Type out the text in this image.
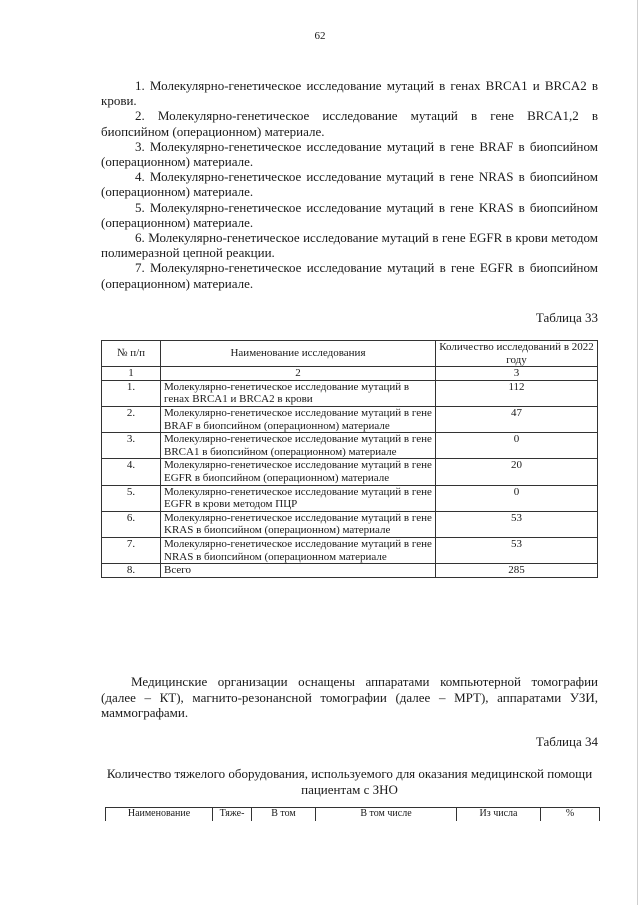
62

1. Молекулярно-генетическое исследование мутаций в генах BRCA1 и BRCA2 в крови.

2. Молекулярно-генетическое исследование мутаций в гене BRCA1,2 в биопсийном (операционном) материале.

3. Молекулярно-генетическое исследование мутаций в гене BRAF в биопсийном (операционном) материале.

4. Молекулярно-генетическое исследование мутаций в гене NRAS в биопсийном (операционном) материале.

5. Молекулярно-генетическое исследование мутаций в гене KRAS в биопсийном (операционном) материале.

6. Молекулярно-генетическое исследование мутаций в гене EGFR в крови методом полимеразной цепной реакции.

7. Молекулярно-генетическое исследование мутаций в гене EGFR в биопсийном (операционном) материале.

Таблица 33
№ п/п	Наименование исследования	Количество исследований в 2022 году
1	2	3
1.	Молекулярно-генетическое исследование мутаций в генах BRCA1 и BRCA2 в крови	112
2.	Молекулярно-генетическое исследование мутаций в гене BRAF в биопсийном (операционном) материале	47
3.	Молекулярно-генетическое исследование мутаций в гене BRCA1 в биопсийном (операционном) материале	0
4.	Молекулярно-генетическое исследование мутаций в гене EGFR в биопсийном (операционном) материале	20
5.	Молекулярно-генетическое исследование мутаций в гене EGFR в крови методом ПЦР	0
6.	Молекулярно-генетическое исследование мутаций в гене KRAS в биопсийном (операционном) материале	53
7.	Молекулярно-генетическое исследование мутаций в гене NRAS в биопсийном (операционном материале	53
8.	Всего	285

Медицинские организации оснащены аппаратами компьютерной томографии (далее – КТ), магнито-резонансной томографии (далее – МРТ), аппаратами УЗИ, маммографами.

Таблица 34
Количество тяжелого оборудования, используемого для оказания медицинской помощи пациентам с ЗНО
Наименование	Тяже-	В том	В том числе	Из числа	%
